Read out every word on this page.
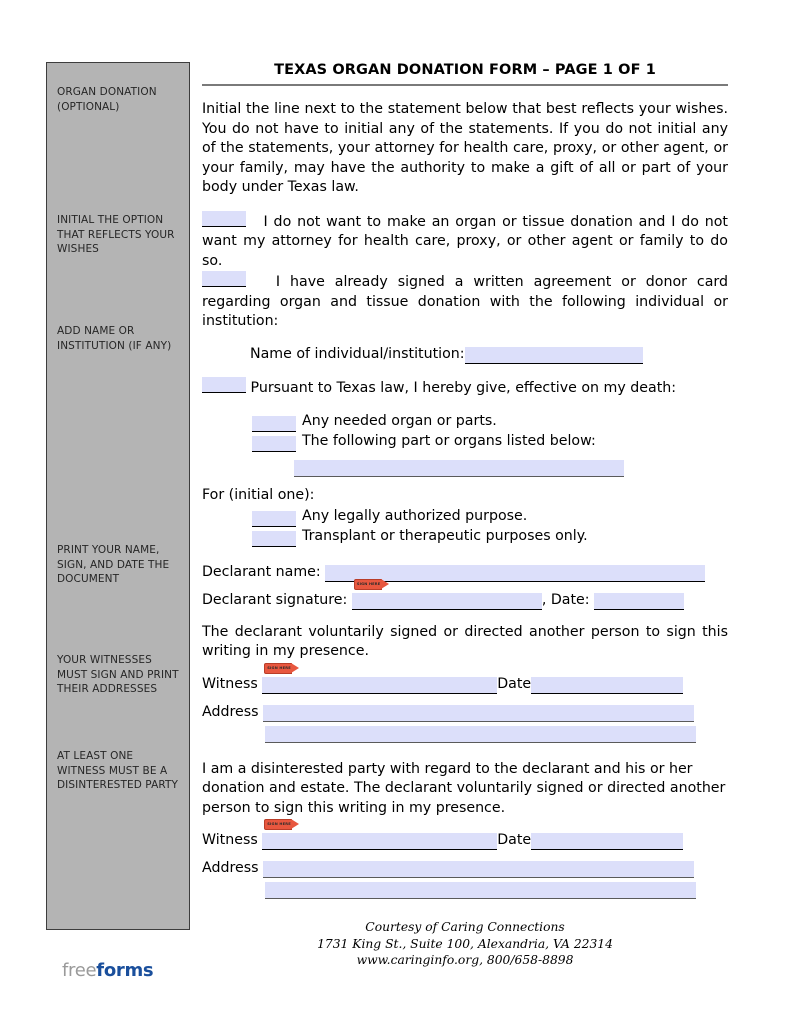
ORGAN DONATION (OPTIONAL)
INITIAL THE OPTION THAT REFLECTS YOUR WISHES
ADD NAME OR INSTITUTION (IF ANY)
PRINT YOUR NAME, SIGN, AND DATE THE DOCUMENT
YOUR WITNESSES MUST SIGN AND PRINT THEIR ADDRESSES
AT LEAST ONE WITNESS MUST BE A DISINTERESTED PARTY
TEXAS ORGAN DONATION FORM – PAGE 1 OF 1

Initial the line next to the statement below that best reflects your wishes. You do not have to initial any of the statements. If you do not initial any of the statements, your attorney for health care, proxy, or other agent, or your family, may have the authority to make a gift of all or part of your body under Texas law.

I do not want to make an organ or tissue donation and I do not want my attorney for health care, proxy, or other agent or family to do so.

I have already signed a written agreement or donor card regarding organ and tissue donation with the following individual or institution:

Name of individual/institution:

Pursuant to Texas law, I hereby give, effective on my death:

Any needed organ or parts.
The following part or organs listed below:

For (initial one):

Any legally authorized purpose.
Transplant or therapeutic purposes only.
Declarant name:
Declarant signature:
SIGN HERE
, Date:

The declarant voluntarily signed or directed another person to sign this writing in my presence.

Witness
SIGN HERE
Date
Address

I am a disinterested party with regard to the declarant and his or her donation and estate. The declarant voluntarily signed or directed another person to sign this writing in my presence.

Witness
SIGN HERE
Date
Address
Courtesy of Caring Connections
1731 King St., Suite 100, Alexandria, VA 22314
www.caringinfo.org, 800/658-8898
freeforms
